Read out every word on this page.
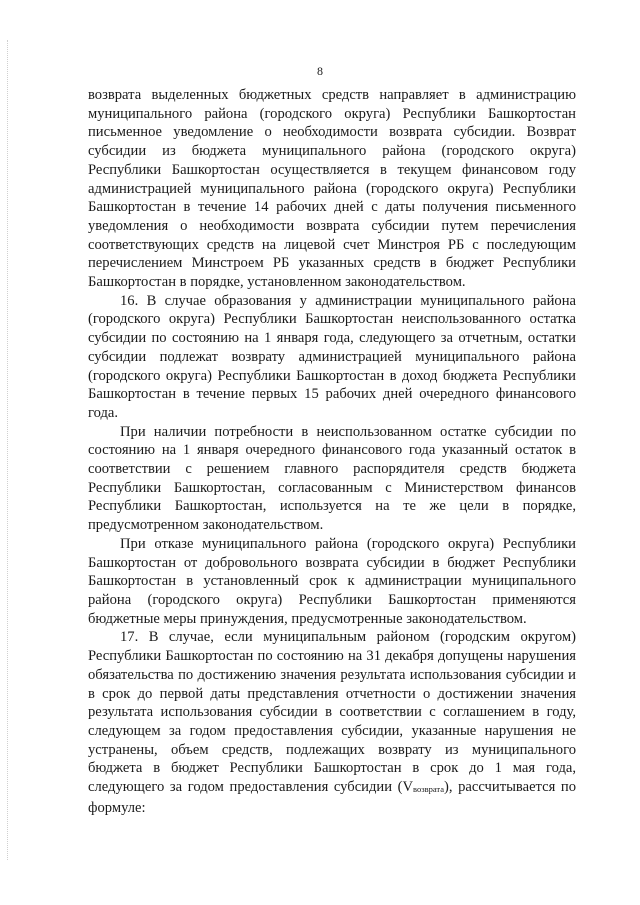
8

возврата выделенных бюджетных средств направляет в администрацию муниципального района (городского округа) Республики Башкортостан письменное уведомление о необходимости возврата субсидии. Возврат субсидии из бюджета муниципального района (городского округа) Республики Башкортостан осуществляется в текущем финансовом году администрацией муниципального района (городского округа) Республики Башкортостан в течение 14 рабочих дней с даты получения письменного уведомления о необходимости возврата субсидии путем перечисления соответствующих средств на лицевой счет Минстроя РБ с последующим перечислением Минстроем РБ указанных средств в бюджет Республики Башкортостан в порядке, установленном законодательством.

16. В случае образования у администрации муниципального района (городского округа) Республики Башкортостан неиспользованного остатка субсидии по состоянию на 1 января года, следующего за отчетным, остатки субсидии подлежат возврату администрацией муниципального района (городского округа) Республики Башкортостан в доход бюджета Республики Башкортостан в течение первых 15 рабочих дней очередного финансового года.

При наличии потребности в неиспользованном остатке субсидии по состоянию на 1 января очередного финансового года указанный остаток в соответствии с решением главного распорядителя средств бюджета Республики Башкортостан, согласованным с Министерством финансов Республики Башкортостан, используется на те же цели в порядке, предусмотренном законодательством.

При отказе муниципального района (городского округа) Республики Башкортостан от добровольного возврата субсидии в бюджет Республики Башкортостан в установленный срок к администрации муниципального района (городского округа) Республики Башкортостан применяются бюджетные меры принуждения, предусмотренные законодательством.

17. В случае, если муниципальным районом (городским округом) Республики Башкортостан по состоянию на 31 декабря допущены нарушения обязательства по достижению значения результата использования субсидии и в срок до первой даты представления отчетности о достижении значения результата использования субсидии в соответствии с соглашением в году, следующем за годом предоставления субсидии, указанные нарушения не устранены, объем средств, подлежащих возврату из муниципального бюджета в бюджет Республики Башкортостан в срок до 1 мая года, следующего за годом предоставления субсидии (Vвозврата), рассчитывается по формуле:
